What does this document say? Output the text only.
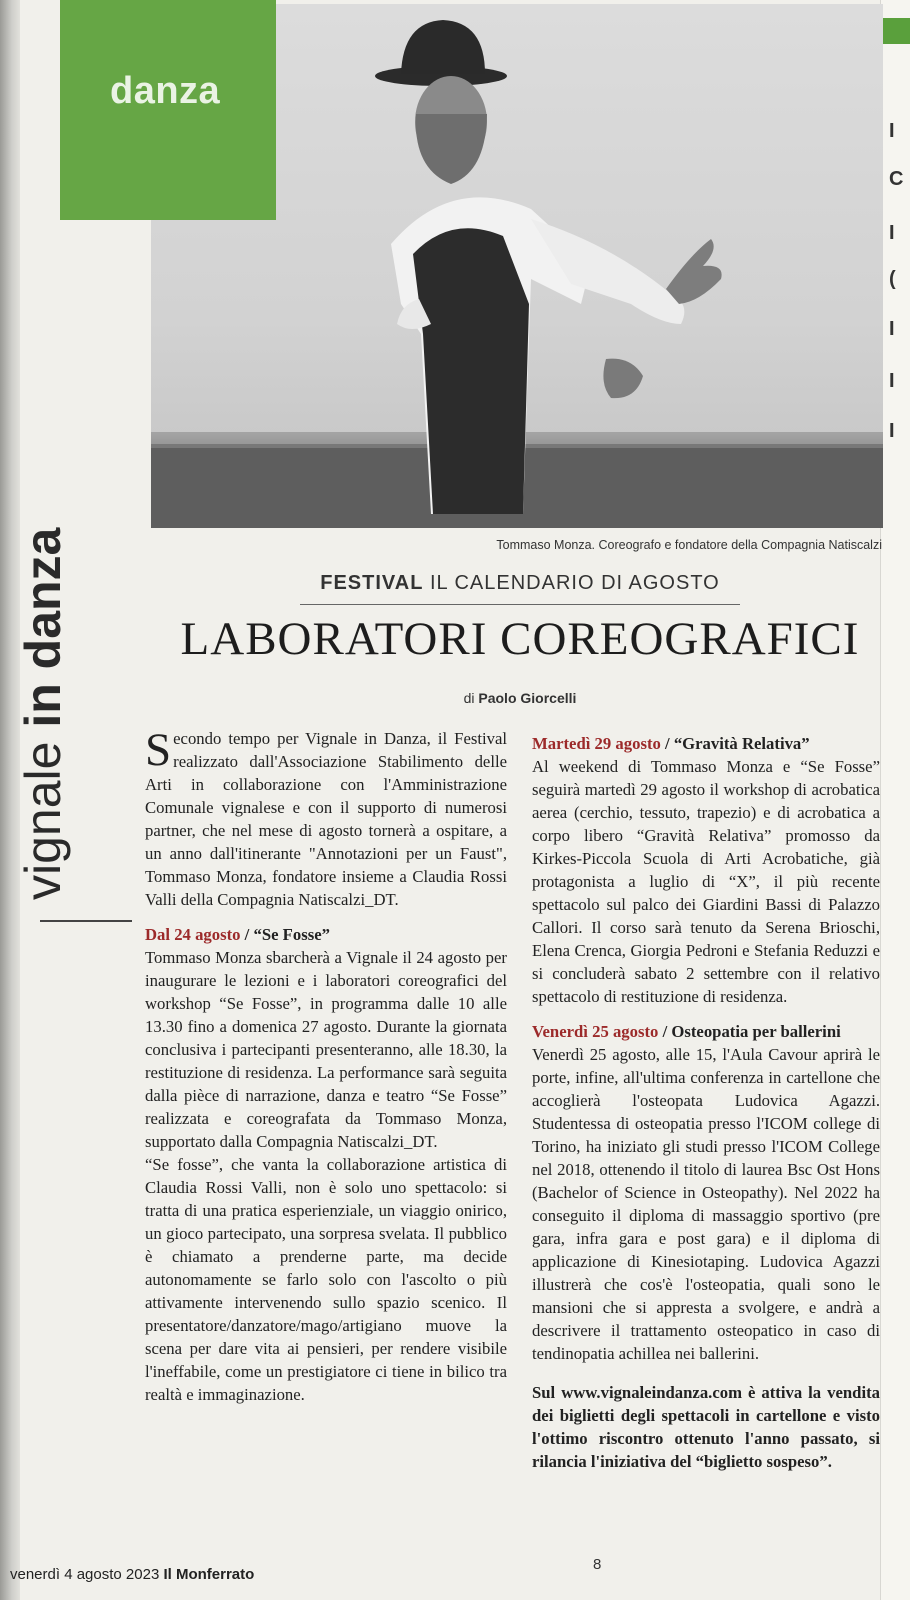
I
C
I
(
I
I
I
danza
vignale in danza	Tommaso Monza. Coreografo e fondatore della Compagnia Natiscalzi
FESTIVAL IL CALENDARIO DI AGOSTO
LABORATORI COREOGRAFICI
di Paolo Giorcelli

Secondo tempo per Vignale in Danza, il Festival realizzato dall'Associazione Stabilimento delle Arti in collaborazione con l'Amministrazione Comunale vignalese e con il supporto di numerosi partner, che nel mese di agosto tornerà a ospitare, a un anno dall'itinerante "Annotazioni per un Faust", Tommaso Monza, fondatore insieme a Claudia Rossi Valli della Compagnia Natiscalzi_DT.

Dal 24 agosto / “Se Fosse”

Tommaso Monza sbarcherà a Vignale il 24 agosto per inaugurare le lezioni e i laboratori coreografici del workshop “Se Fosse”, in programma dalle 10 alle 13.30 fino a domenica 27 agosto. Durante la giornata conclusiva i partecipanti presenteranno, alle 18.30, la restituzione di residenza. La performance sarà seguita dalla pièce di narrazione, danza e teatro “Se Fosse” realizzata e coreografata da Tommaso Monza, supportato dalla Compagnia Natiscalzi_DT.

“Se fosse”, che vanta la collaborazione artistica di Claudia Rossi Valli, non è solo uno spettacolo: si tratta di una pratica esperienziale, un viaggio onirico, un gioco partecipato, una sorpresa svelata. Il pubblico è chiamato a prenderne parte, ma decide autonomamente se farlo solo con l'ascolto o più attivamente intervenendo sullo spazio scenico. Il presentatore/danzatore/mago/artigiano muove la scena per dare vita ai pensieri, per rendere visibile l'ineffabile, come un prestigiatore ci tiene in bilico tra realtà e immaginazione.

Martedì 29 agosto / “Gravità Relativa”

Al weekend di Tommaso Monza e “Se Fosse” seguirà martedì 29 agosto il workshop di acrobatica aerea (cerchio, tessuto, trapezio) e di acrobatica a corpo libero “Gravità Relativa” promosso da Kirkes-Piccola Scuola di Arti Acrobatiche, già protagonista a luglio di “X”, il più recente spettacolo sul palco dei Giardini Bassi di Palazzo Callori. Il corso sarà tenuto da Serena Brioschi, Elena Crenca, Giorgia Pedroni e Stefania Reduzzi e si concluderà sabato 2 settembre con il relativo spettacolo di restituzione di residenza.

Venerdì 25 agosto / Osteopatia per ballerini

Venerdì 25 agosto, alle 15, l'Aula Cavour aprirà le porte, infine, all'ultima conferenza in cartellone che accoglierà l'osteopata Ludovica Agazzi. Studentessa di osteopatia presso l'ICOM college di Torino, ha iniziato gli studi presso l'ICOM College nel 2018, ottenendo il titolo di laurea Bsc Ost Hons (Bachelor of Science in Osteopathy). Nel 2022 ha conseguito il diploma di massaggio sportivo (pre gara, infra gara e post gara) e il diploma di applicazione di Kinesiotaping. Ludovica Agazzi illustrerà che cos'è l'osteopatia, quali sono le mansioni che si appresta a svolgere, e andrà a descrivere il trattamento osteopatico in caso di tendinopatia achillea nei ballerini.

Sul www.vignaleindanza.com è attiva la vendita dei biglietti degli spettacoli in cartellone e visto l'ottimo riscontro ottenuto l'anno passato, si rilancia l'iniziativa del “biglietto sospeso”.

venerdì 4 agosto 2023 Il Monferrato
8
